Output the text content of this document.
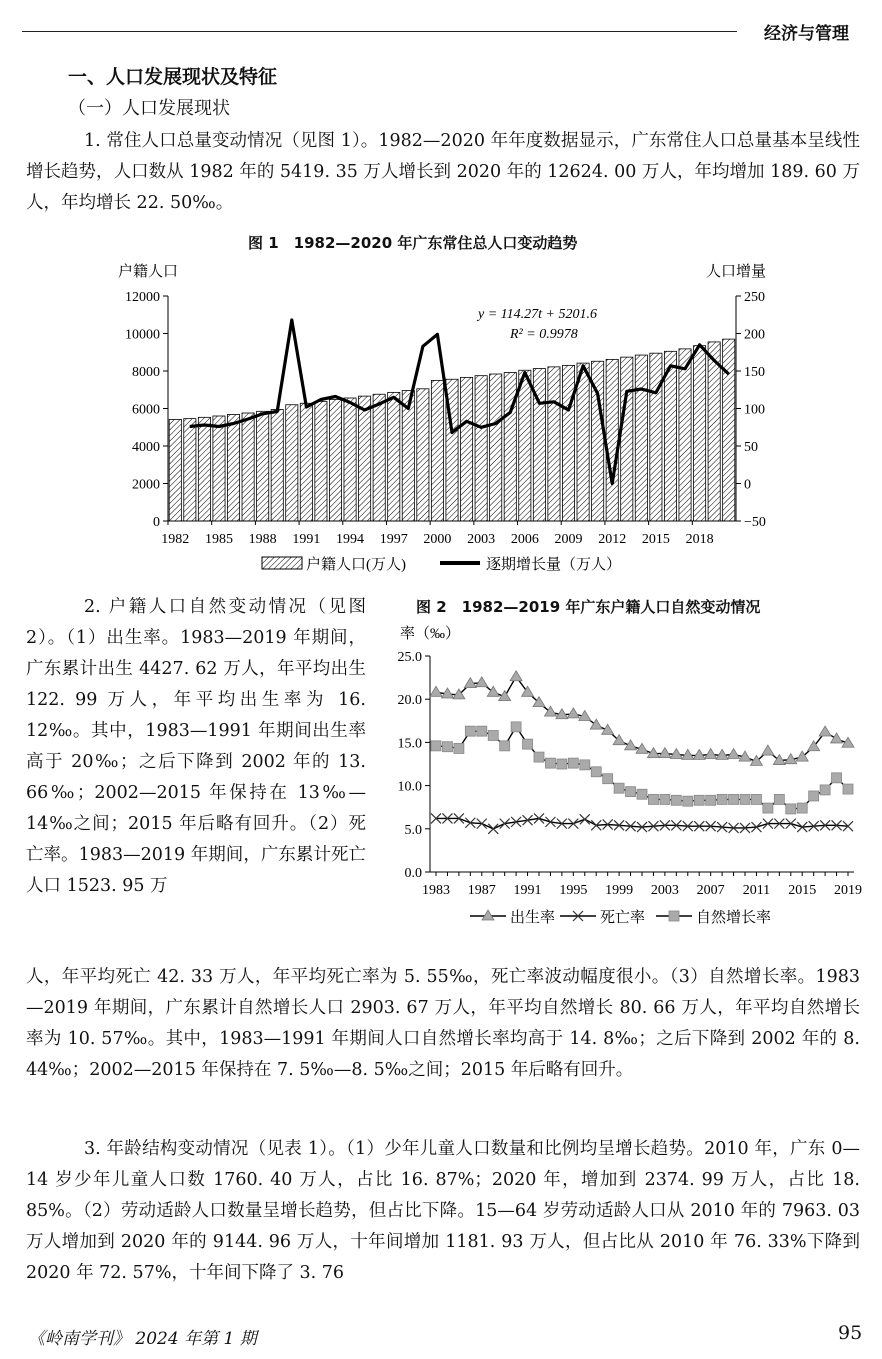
经济与管理
一、人口发展现状及特征
（一）人口发展现状

1. 常住人口总量变动情况（见图 1）。1982—2020 年年度数据显示，广东常住人口总量基本呈线性增长趋势，人口数从 1982 年的 5419. 35 万人增长到 2020 年的 12624. 00 万人，年均增加 189. 60 万人，年均增长 22. 50‰。

图 1　1982—2020 年广东常住总人口变动趋势
户籍人口	人口增量
0
2000
4000
6000
8000
10000
12000
−50
0
50
100
150
200
250
1982 1985 1988 1991 1994 1997 2000 2003 2006 2009 2012 2015 2018
y = 114.27t + 5201.6
R² = 0.9978
户籍人口(万人)	逐期增长量（万人）
图 2　1982—2019 年广东户籍人口自然变动情况

2. 户籍人口自然变动情况（见图 2）。（1）出生率。1983—2019 年期间，广东累计出生 4427. 62 万人，年平均出生 122. 99 万人，年平均出生率为 16. 12‰。其中，1983—1991 年期间出生率高于 20‰；之后下降到 2002 年的 13. 66‰；2002—2015 年保持在 13‰—14‰之间；2015 年后略有回升。（2）死亡率。1983—2019 年期间，广东累计死亡人口 1523. 95 万

率（‰）
0.0
5.0
10.0
15.0
20.0
25.0
1983 1987 1991 1995 1999 2003 2007 2011 2015 2019
出生率	死亡率	自然增长率

人，年平均死亡 42. 33 万人，年平均死亡率为 5. 55‰，死亡率波动幅度很小。（3）自然增长率。1983—2019 年期间，广东累计自然增长人口 2903. 67 万人，年平均自然增长 80. 66 万人，年平均自然增长率为 10. 57‰。其中，1983—1991 年期间人口自然增长率均高于 14. 8‰；之后下降到 2002 年的 8. 44‰；2002—2015 年保持在 7. 5‰—8. 5‰之间；2015 年后略有回升。

3. 年龄结构变动情况（见表 1）。（1）少年儿童人口数量和比例均呈增长趋势。2010 年，广东 0—14 岁少年儿童人口数 1760. 40 万人，占比 16. 87%；2020 年，增加到 2374. 99 万人，占比 18. 85%。（2）劳动适龄人口数量呈增长趋势，但占比下降。15—64 岁劳动适龄人口从 2010 年的 7963. 03 万人增加到 2020 年的 9144. 96 万人，十年间增加 1181. 93 万人，但占比从 2010 年 76. 33%下降到 2020 年 72. 57%，十年间下降了 3. 76

《岭南学刊》 2024 年第 1 期	95
